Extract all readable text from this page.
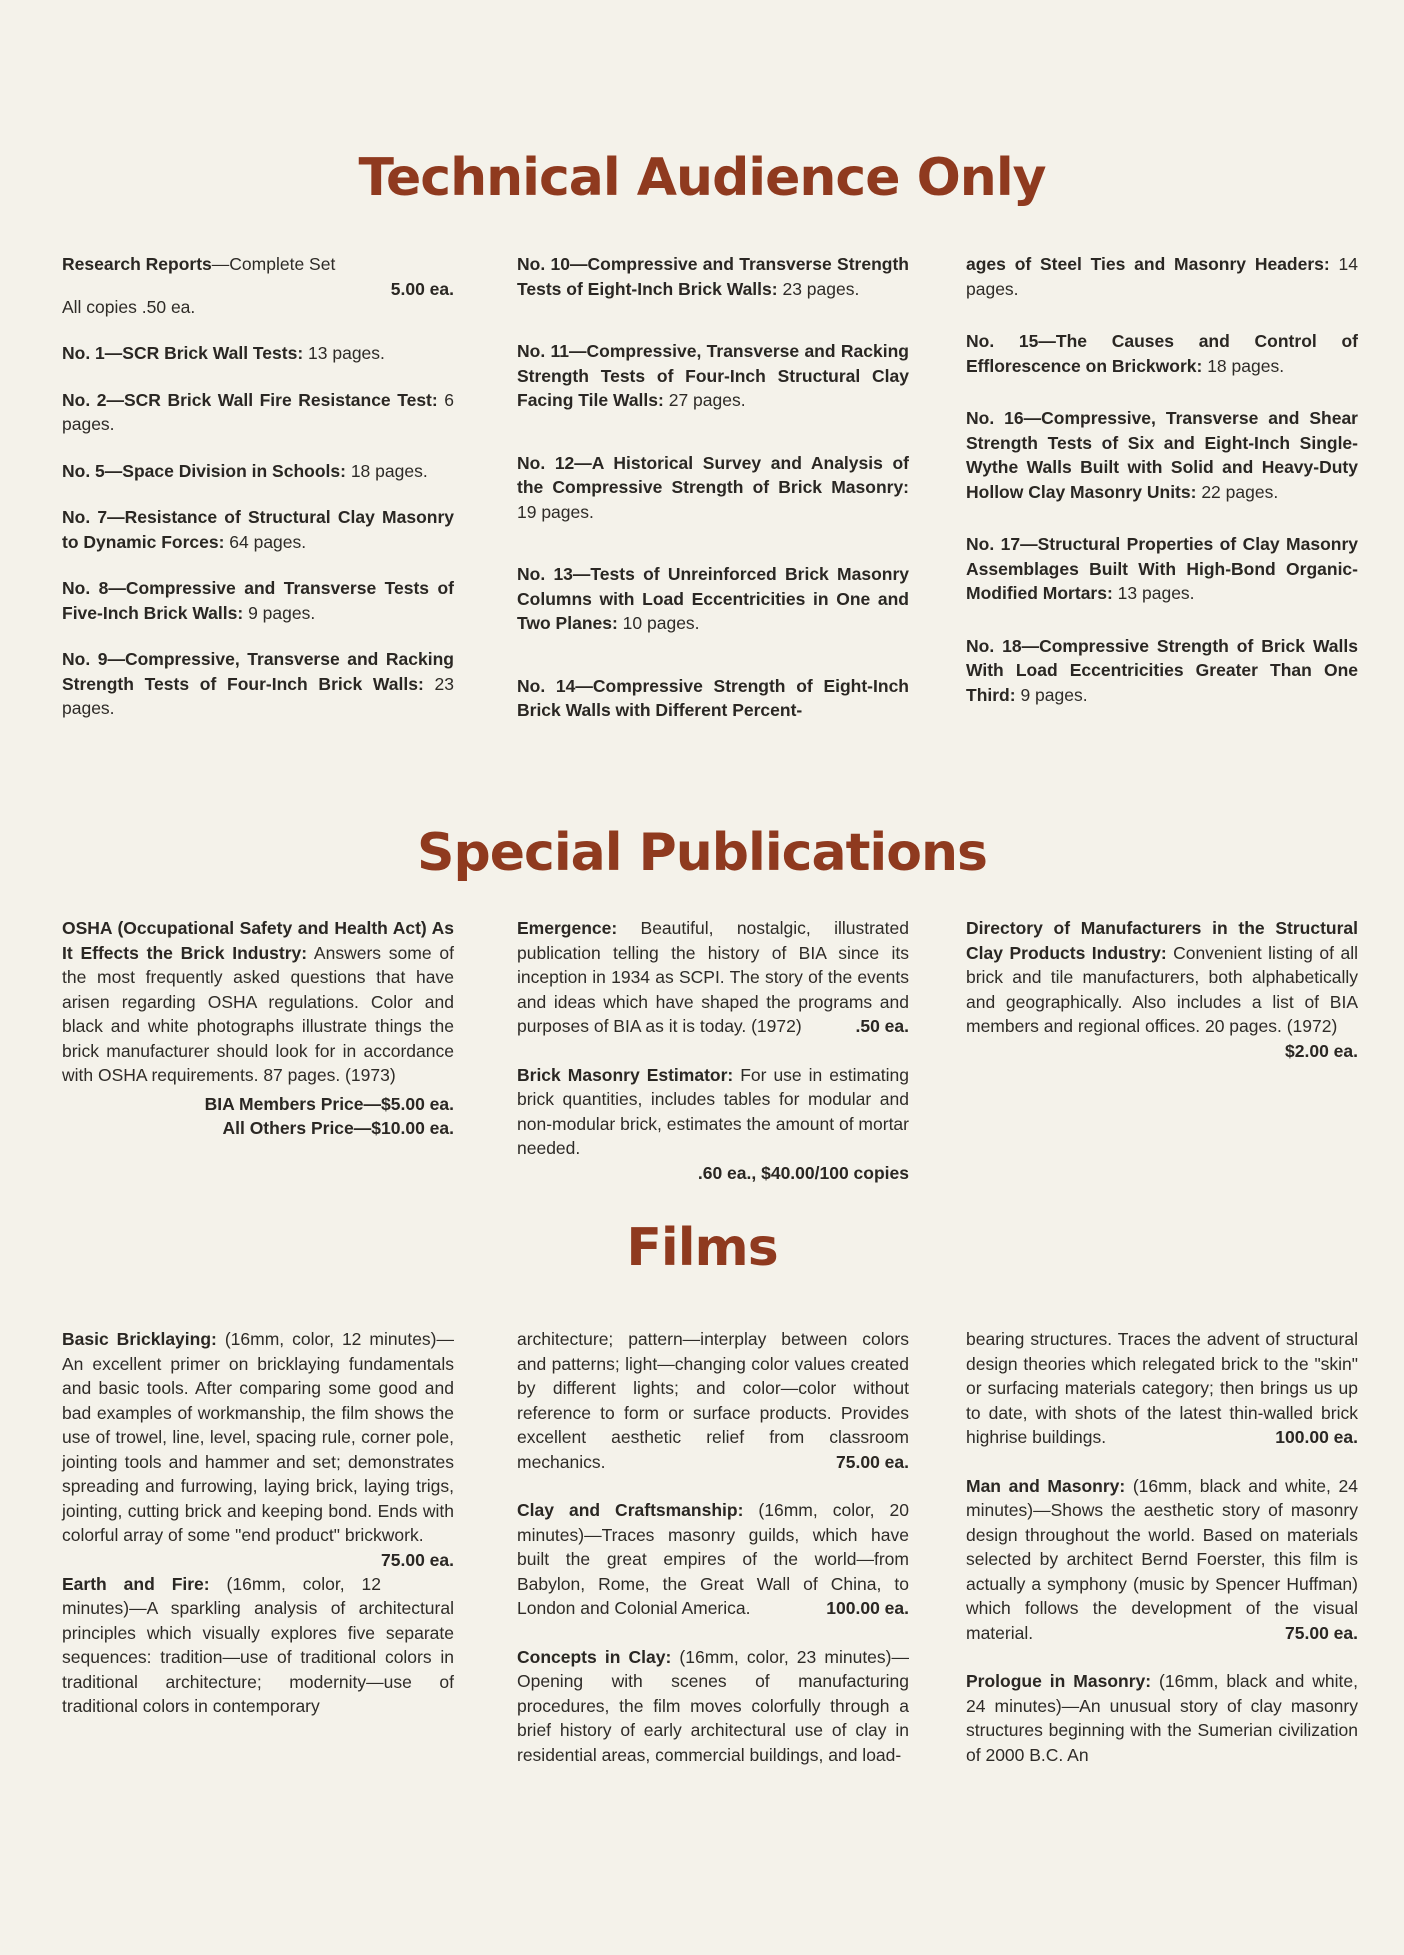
Technical Audience Only

Research Reports—Complete Set

5.00 ea.

All copies .50 ea.

No. 1—SCR Brick Wall Tests: 13 pages.

No. 2—SCR Brick Wall Fire Resistance Test: 6 pages.

No. 5—Space Division in Schools: 18 pages.

No. 7—Resistance of Structural Clay Masonry to Dynamic Forces: 64 pages.

No. 8—Compressive and Transverse Tests of Five-Inch Brick Walls: 9 pages.

No. 9—Compressive, Transverse and Racking Strength Tests of Four-Inch Brick Walls: 23 pages.

No. 10—Compressive and Transverse Strength Tests of Eight-Inch Brick Walls: 23 pages.

No. 11—Compressive, Transverse and Racking Strength Tests of Four-Inch Structural Clay Facing Tile Walls: 27 pages.

No. 12—A Historical Survey and Analysis of the Compressive Strength of Brick Masonry: 19 pages.

No. 13—Tests of Unreinforced Brick Masonry Columns with Load Eccentricities in One and Two Planes: 10 pages.

No. 14—Compressive Strength of Eight-Inch Brick Walls with Different Percent-

ages of Steel Ties and Masonry Headers: 14 pages.

No. 15—The Causes and Control of Efflorescence on Brickwork: 18 pages.

No. 16—Compressive, Transverse and Shear Strength Tests of Six and Eight-Inch Single-Wythe Walls Built with Solid and Heavy-Duty Hollow Clay Masonry Units: 22 pages.

No. 17—Structural Properties of Clay Masonry Assemblages Built With High-Bond Organic-Modified Mortars: 13 pages.

No. 18—Compressive Strength of Brick Walls With Load Eccentricities Greater Than One Third: 9 pages.

Special Publications

OSHA (Occupational Safety and Health Act) As It Effects the Brick Industry: Answers some of the most frequently asked questions that have arisen regarding OSHA regulations. Color and black and white photographs illustrate things the brick manufacturer should look for in accordance with OSHA requirements. 87 pages. (1973)

BIA Members Price—$5.00 ea.
All Others Price—$10.00 ea.

Emergence: Beautiful, nostalgic, illustrated publication telling the history of BIA since its inception in 1934 as SCPI. The story of the events and ideas which have shaped the programs and purposes of BIA as it is today. (1972)	.50 ea.

Brick Masonry Estimator: For use in estimating brick quantities, includes tables for modular and non-modular brick, estimates the amount of mortar needed.

.60 ea., $40.00/100 copies

Directory of Manufacturers in the Structural Clay Products Industry: Convenient listing of all brick and tile manufacturers, both alphabetically and geographically. Also includes a list of BIA members and regional offices. 20 pages. (1972)

$2.00 ea.
Films

Basic Bricklaying: (16mm, color, 12 minutes)—An excellent primer on bricklaying fundamentals and basic tools. After comparing some good and bad examples of workmanship, the film shows the use of trowel, line, level, spacing rule, corner pole, jointing tools and hammer and set; demonstrates spreading and furrowing, laying brick, laying trigs, jointing, cutting brick and keeping bond. Ends with colorful array of some "end product" brickwork.
75.00 ea.

Earth and Fire: (16mm, color, 12 minutes)—A sparkling analysis of architectural principles which visually explores five separate sequences: tradition—use of traditional colors in traditional architecture; modernity—use of traditional colors in contemporary

architecture; pattern—interplay between colors and patterns; light—changing color values created by different lights; and color—color without reference to form or surface products. Provides excellent aesthetic relief from classroom mechanics.	75.00 ea.

Clay and Craftsmanship: (16mm, color, 20 minutes)—Traces masonry guilds, which have built the great empires of the world—from Babylon, Rome, the Great Wall of China, to London and Colonial America.	100.00 ea.

Concepts in Clay: (16mm, color, 23 minutes)—Opening with scenes of manufacturing procedures, the film moves colorfully through a brief history of early architectural use of clay in residential areas, commercial buildings, and load-

bearing structures. Traces the advent of structural design theories which relegated brick to the "skin" or surfacing materials category; then brings us up to date, with shots of the latest thin-walled brick highrise buildings.	100.00 ea.

Man and Masonry: (16mm, black and white, 24 minutes)—Shows the aesthetic story of masonry design throughout the world. Based on materials selected by architect Bernd Foerster, this film is actually a symphony (music by Spencer Huffman) which follows the development of the visual material.	75.00 ea.

Prologue in Masonry: (16mm, black and white, 24 minutes)—An unusual story of clay masonry structures beginning with the Sumerian civilization of 2000 B.C. An
